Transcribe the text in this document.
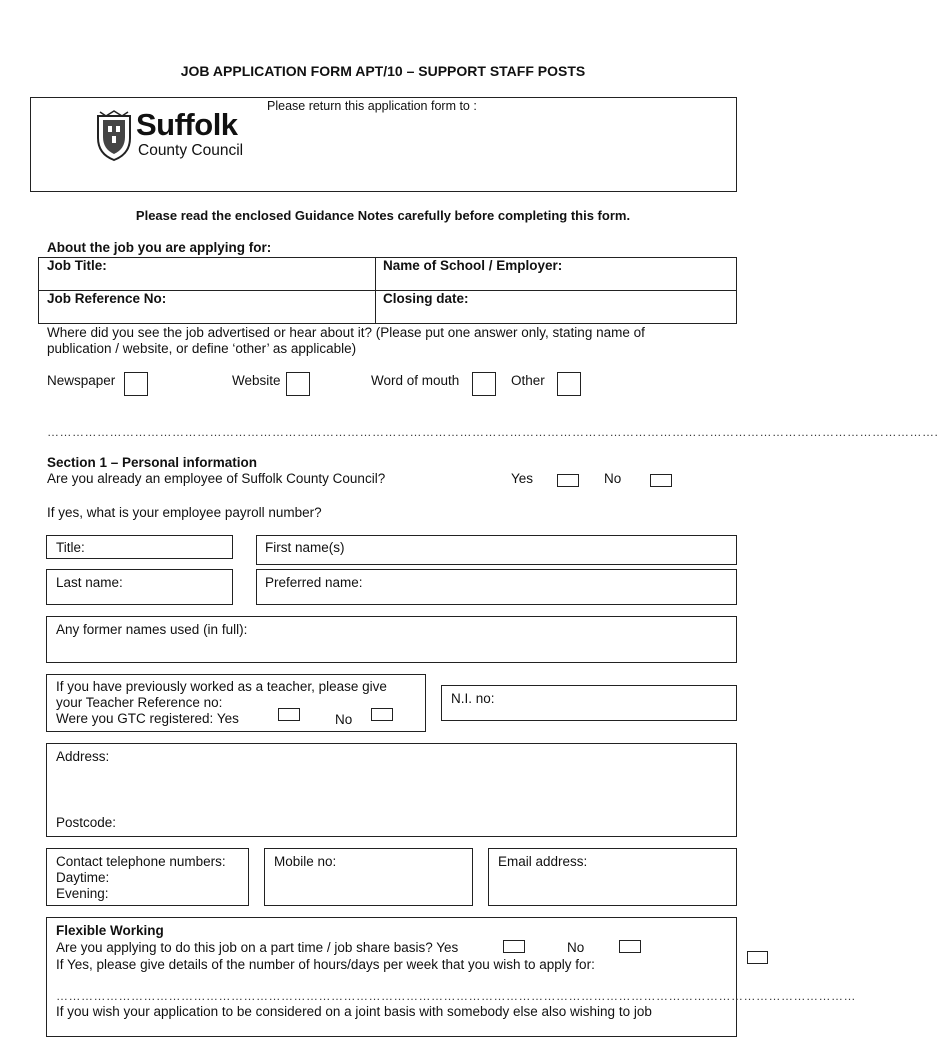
JOB APPLICATION FORM APT/10 – SUPPORT STAFF POSTS
Suffolk
County Council
Please return this application form to :
Please read the enclosed Guidance Notes carefully before completing this form.
About the job you are applying for:
Job Title:	Name of School / Employer:
Job Reference No:	Closing date:
Where did you see the job advertised or hear about it? (Please put one answer only, stating name of
publication / website, or define ‘other’ as applicable)
Newspaper	Website	Word of mouth	Other
…………………………………………………………………………………………………………………………………………………………………………………………….
Section 1 – Personal information
Are you already an employee of Suffolk County Council?	Yes	No
If yes, what is your employee payroll number?
Title:	First name(s)
Last name:	Preferred name:
Any former names used (in full):
If you have previously worked as a teacher, please give
your Teacher Reference no:
Were you GTC registered: Yes	No
N.I. no:
Address:
Postcode:
Contact telephone numbers:
Daytime:
Evening:
Mobile no:	Email address:
Flexible Working
Are you applying to do this job on a part time / job share basis? Yes	No
If Yes, please give details of the number of hours/days per week that you wish to apply for:
…………………………………………………………………………………………………………………………………………………………………………
If you wish your application to be considered on a joint basis with somebody else also wishing to job
